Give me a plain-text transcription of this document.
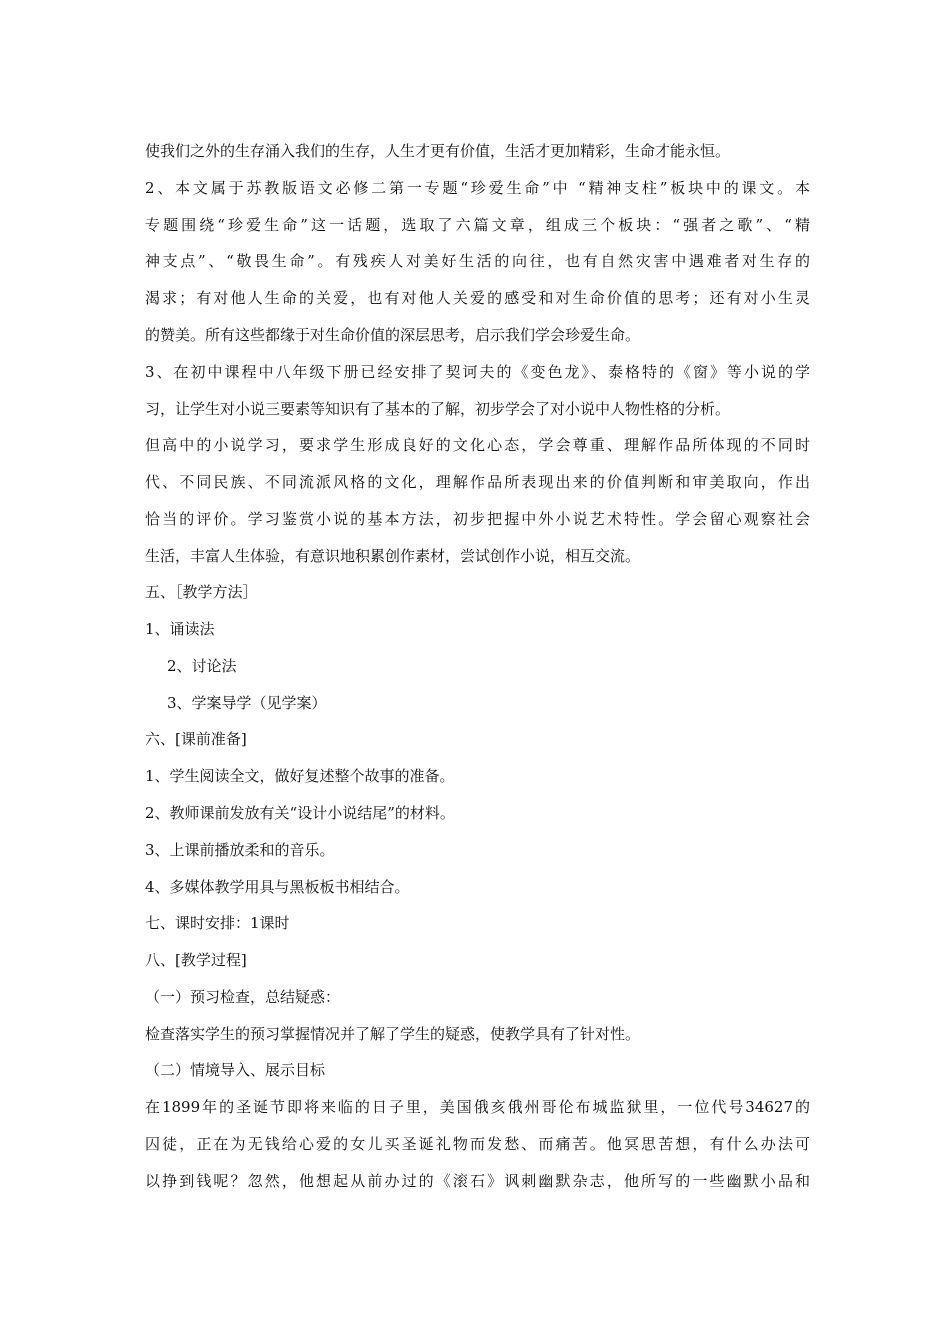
使我们之外的生存涌入我们的生存，人生才更有价值，生活才更加精彩，生命才能永恒。

2、本文属于苏教版语文必修二第一专题“珍爱生命”中 “精神支柱”板块中的课文。本

专题围绕“珍爱生命”这一话题，选取了六篇文章，组成三个板块：“强者之歌”、“精

神支点”、“敬畏生命”。有残疾人对美好生活的向往，也有自然灾害中遇难者对生存的

渴求；有对他人生命的关爱，也有对他人关爱的感受和对生命价值的思考；还有对小生灵

的赞美。所有这些都缘于对生命价值的深层思考，启示我们学会珍爱生命。

3、在初中课程中八年级下册已经安排了契诃夫的《变色龙》、泰格特的《窗》等小说的学

习，让学生对小说三要素等知识有了基本的了解，初步学会了对小说中人物性格的分析。

但高中的小说学习，要求学生形成良好的文化心态，学会尊重、理解作品所体现的不同时

代、不同民族、不同流派风格的文化，理解作品所表现出来的价值判断和审美取向，作出

恰当的评价。学习鉴赏小说的基本方法，初步把握中外小说艺术特性。学会留心观察社会

生活，丰富人生体验，有意识地积累创作素材，尝试创作小说，相互交流。

五、［教学方法］

1、诵读法

2、讨论法

3、学案导学（见学案）

六、[课前准备]

1、学生阅读全文，做好复述整个故事的准备。

2、教师课前发放有关“设计小说结尾”的材料。

3、上课前播放柔和的音乐。

4、多媒体教学用具与黑板板书相结合。

七、课时安排：1课时

八、[教学过程]

（一）预习检查，总结疑惑：

检查落实学生的预习掌握情况并了解了学生的疑惑，使教学具有了针对性。

（二）情境导入、展示目标

在1899年的圣诞节即将来临的日子里，美国俄亥俄州哥伦布城监狱里，一位代号34627的

囚徒，正在为无钱给心爱的女儿买圣诞礼物而发愁、而痛苦。他冥思苦想，有什么办法可

以挣到钱呢？忽然，他想起从前办过的《滚石》讽刺幽默杂志，他所写的一些幽默小品和
